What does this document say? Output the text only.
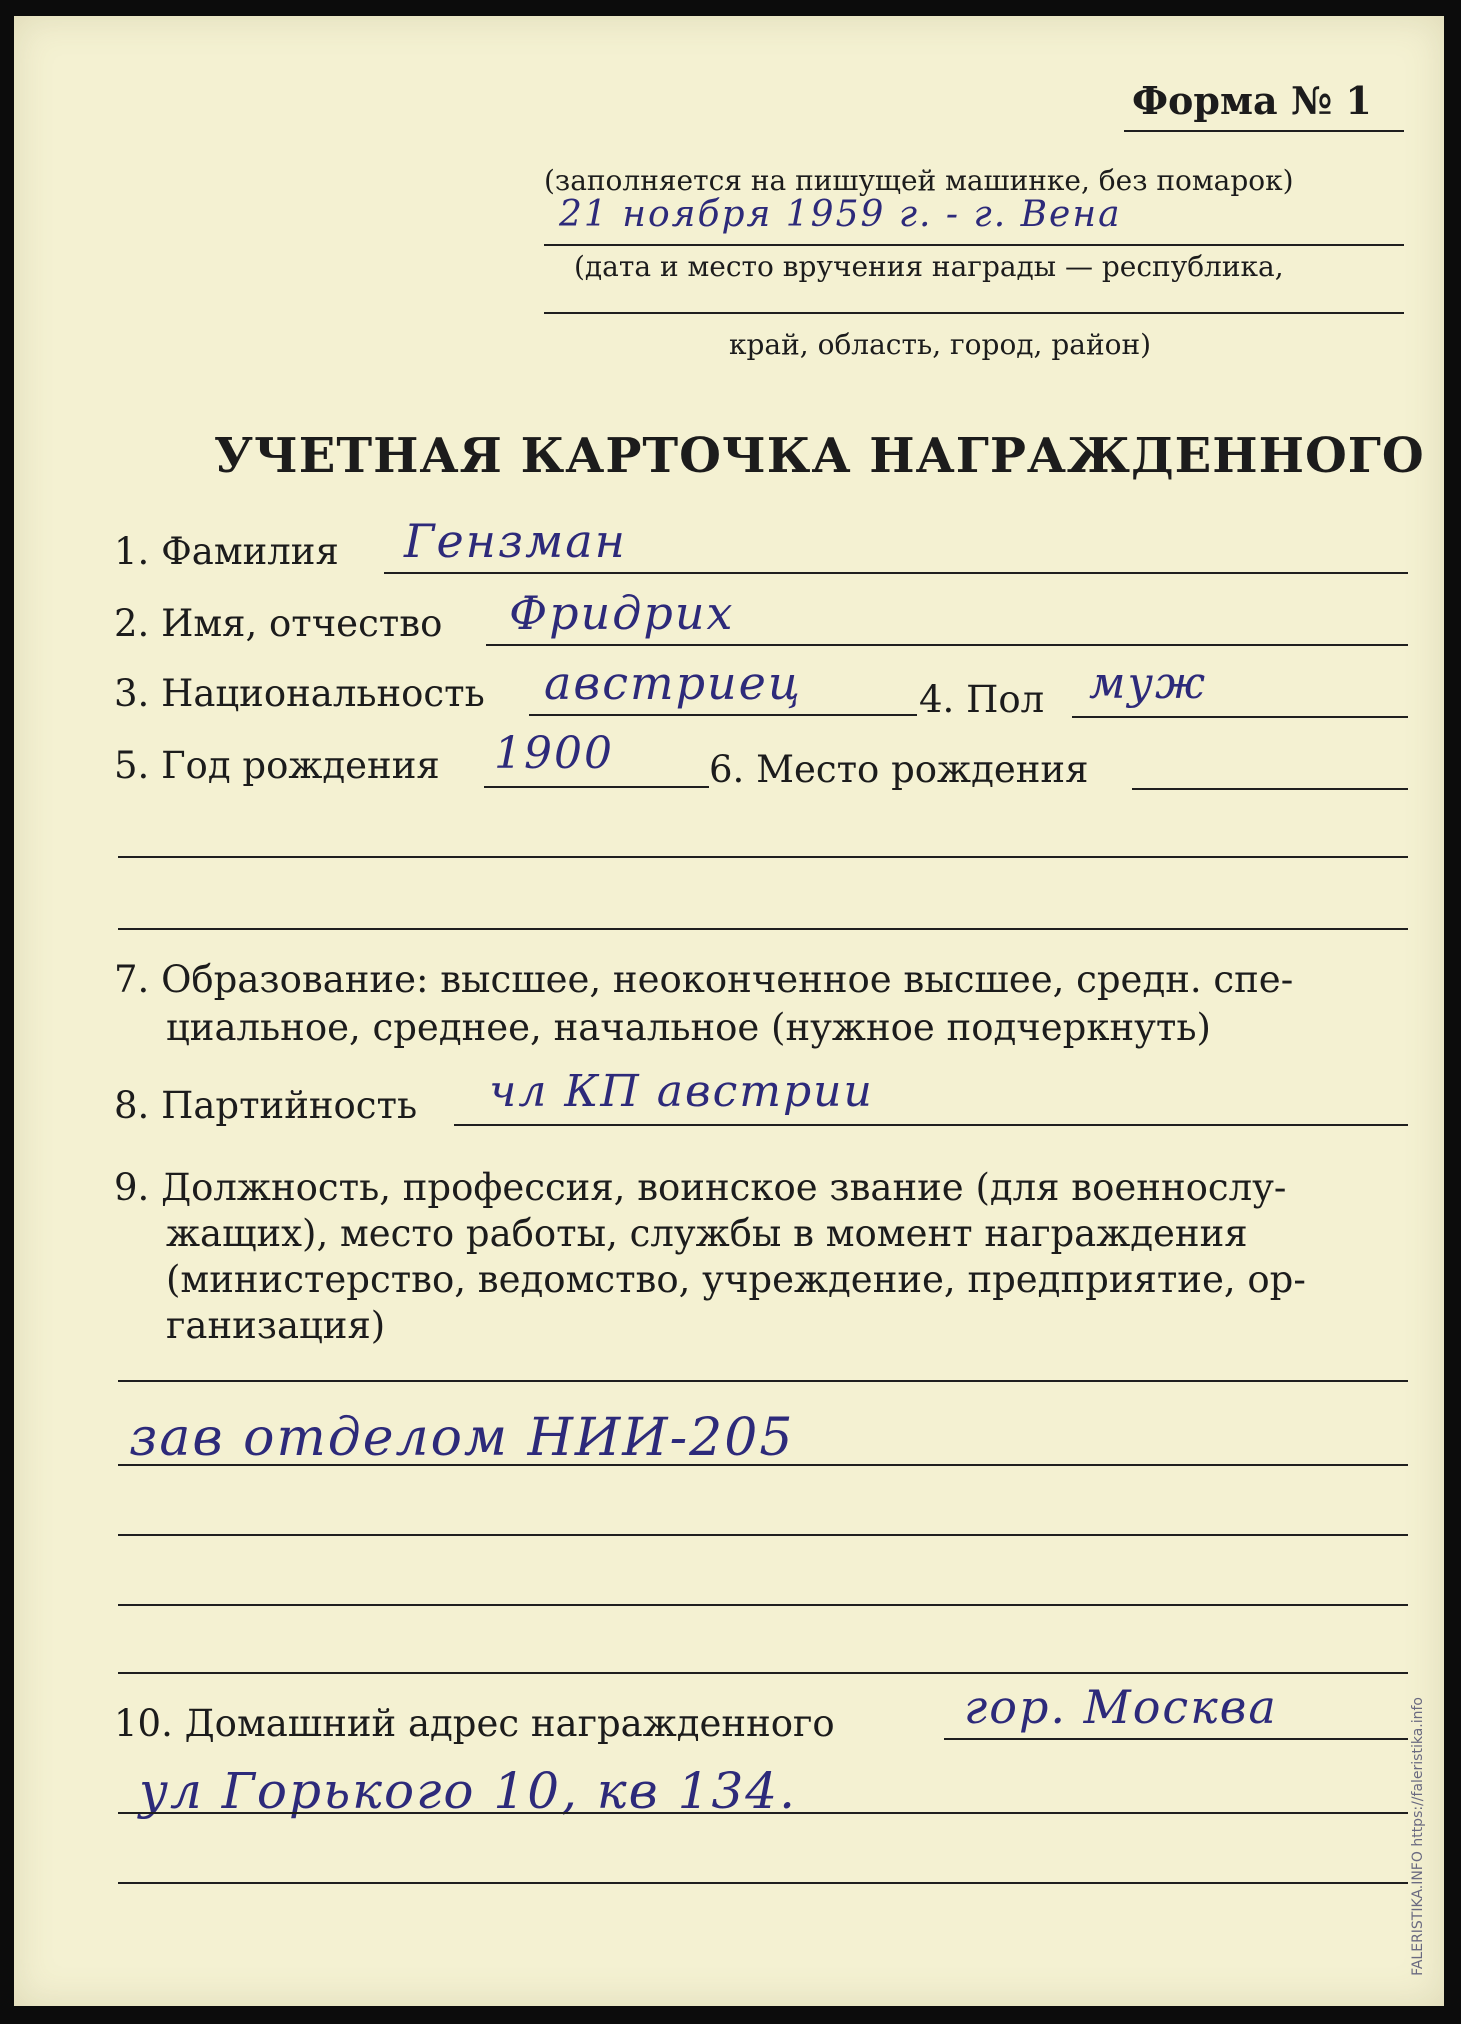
Форма № 1
(заполняется на пишущей машинке, без помарок)
21 ноября 1959 г. - г. Вена
(дата и место вручения награды — республика,
край, область, город, район)
УЧЕТНАЯ КАРТОЧКА НАГРАЖДЕННОГО
1. Фамилия Гензман
2. Имя, отчество Фридрих
3. Национальность австриец	4. Пол муж
5. Год рождения 1900	6. Место рождения
7. Образование: высшее, неоконченное высшее, средн. спе-
циальное, среднее, начальное (нужное подчеркнуть)
8. Партийность чл КП австрии
9. Должность, профессия, воинское звание (для военнослу-
жащих), место работы, службы в момент награждения
(министерство, ведомство, учреждение, предприятие, ор-
ганизация)
зав отделом НИИ-205
10. Домашний адрес награжденного	гор. Москва
ул Горького 10, кв 134.	FALERISTIKA.INFO https://faleristika.info
